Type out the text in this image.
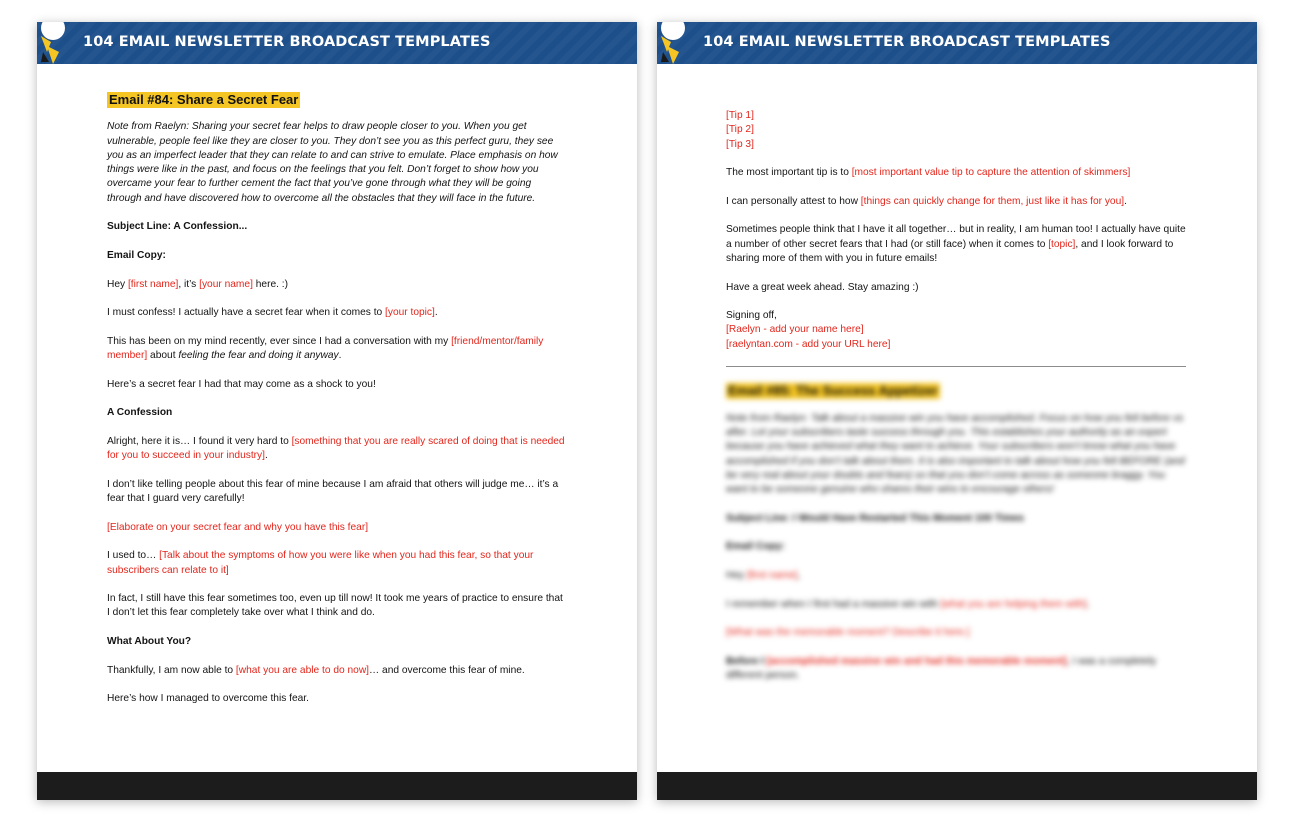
104 EMAIL NEWSLETTER BROADCAST TEMPLATES
Email #84: Share a Secret Fear
Note from Raelyn: Sharing your secret fear helps to draw people closer to you. When you get vulnerable, people feel like they are closer to you. They don’t see you as this perfect guru, they see you as an imperfect leader that they can relate to and can strive to emulate. Place emphasis on how things were like in the past, and focus on the feelings that you felt. Don’t forget to show how you overcame your fear to further cement the fact that you’ve gone through what they will be going through and have discovered how to overcome all the obstacles that they will face in the future.
Subject Line: A Confession...
Email Copy:
Hey [first name], it’s [your name] here. :)
I must confess! I actually have a secret fear when it comes to [your topic].
This has been on my mind recently, ever since I had a conversation with my [friend/mentor/family member] about feeling the fear and doing it anyway.
Here’s a secret fear I had that may come as a shock to you!
A Confession
Alright, here it is… I found it very hard to [something that you are really scared of doing that is needed for you to succeed in your industry].
I don’t like telling people about this fear of mine because I am afraid that others will judge me… it’s a fear that I guard very carefully!
[Elaborate on your secret fear and why you have this fear]
I used to… [Talk about the symptoms of how you were like when you had this fear, so that your subscribers can relate to it]
In fact, I still have this fear sometimes too, even up till now! It took me years of practice to ensure that I don’t let this fear completely take over what I think and do.
What About You?
Thankfully, I am now able to [what you are able to do now]… and overcome this fear of mine.
Here’s how I managed to overcome this fear.
104 EMAIL NEWSLETTER BROADCAST TEMPLATES
[Tip 1]
[Tip 2]
[Tip 3]
The most important tip is to [most important value tip to capture the attention of skimmers]
I can personally attest to how [things can quickly change for them, just like it has for you].
Sometimes people think that I have it all together… but in reality, I am human too! I actually have quite a number of other secret fears that I had (or still face) when it comes to [topic], and I look forward to sharing more of them with you in future emails!
Have a great week ahead. Stay amazing :)
Signing off,
[Raelyn - add your name here]
[raelyntan.com - add your URL here]
Email #85: The Success Appetizer
Note from Raelyn: Talk about a massive win you have accomplished. Focus on how you felt before vs after. Let your subscribers taste success through you. This establishes your authority as an expert because you have achieved what they want to achieve. Your subscribers won’t know what you have accomplished if you don’t talk about them. It is also important to talk about how you felt BEFORE (and be very real about your doubts and fears) so that you don’t come across as someone braggy. You want to be someone genuine who shares their wins to encourage others!
Subject Line: I Would Have Restarted This Moment 100 Times
Email Copy:
Hey [first name],
I remember when I first had a massive win with [what you are helping them with].
[What was the memorable moment? Describe it here.]
Before I [accomplished massive win and had this memorable moment], I was a completely different person.
